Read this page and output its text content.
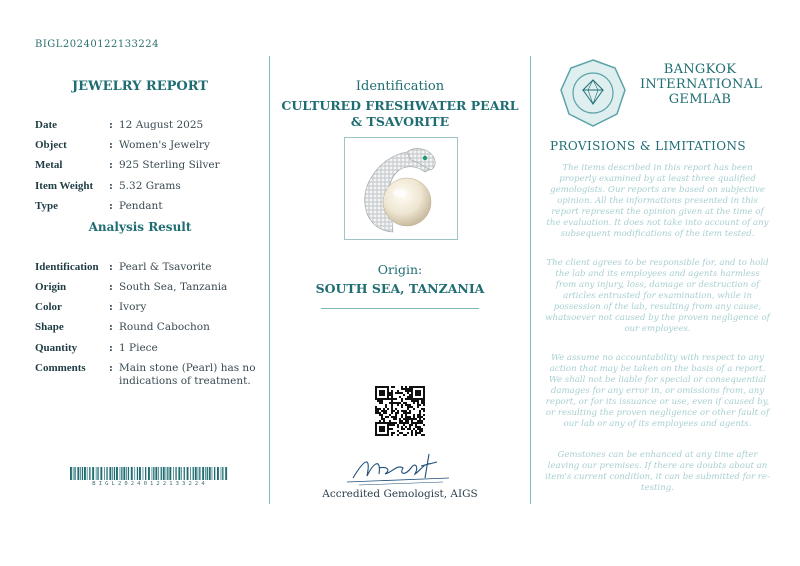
BIGL20240122133224
JEWELRY REPORT
Date	: 12 August 2025
Object	: Women's Jewelry
Metal	: 925 Sterling Silver
Item Weight	: 5.32 Grams
Type	: Pendant
Analysis Result
Identification : Pearl & Tsavorite
Origin	: South Sea, Tanzania
Color	: Ivory
Shape	: Round Cabochon
Quantity	: 1 Piece
Comments	: Main stone (Pearl) has no indications of treatment.
BIGL20240122133224
Identification
CULTURED FRESHWATER PEARL & TSAVORITE
Origin:
SOUTH SEA, TANZANIA
Accredited Gemologist, AIGS
BANGKOK
INTERNATIONAL
GEMLAB
PROVISIONS & LIMITATIONS
The items described in this report has been properly examined by at least three qualified gemologists. Our reports are based on subjective opinion. All the informations presented in this report represent the opinion given at the time of the evaluation. It does not take into account of any subsequent modifications of the item tested.
The client agrees to be responsible for, and to hold the lab and its employees and agents harmless from any injury, loss, damage or destruction of articles entrusted for examination, while in possession of the lab, resulting from any cause, whatsoever not caused by the proven negligence of our employees.
We assume no accountability with respect to any action that may be taken on the basis of a report. We shall not be liable for special or consequential damages for any error in, or omissions from, any report, or for its issuance or use, even if caused by, or resulting the proven negligence or other fault of our lab or any of its employees and agents.
Gemstones can be enhanced at any time after leaving our premises. If there are doubts about an item's current condition, it can be submitted for re-testing.
